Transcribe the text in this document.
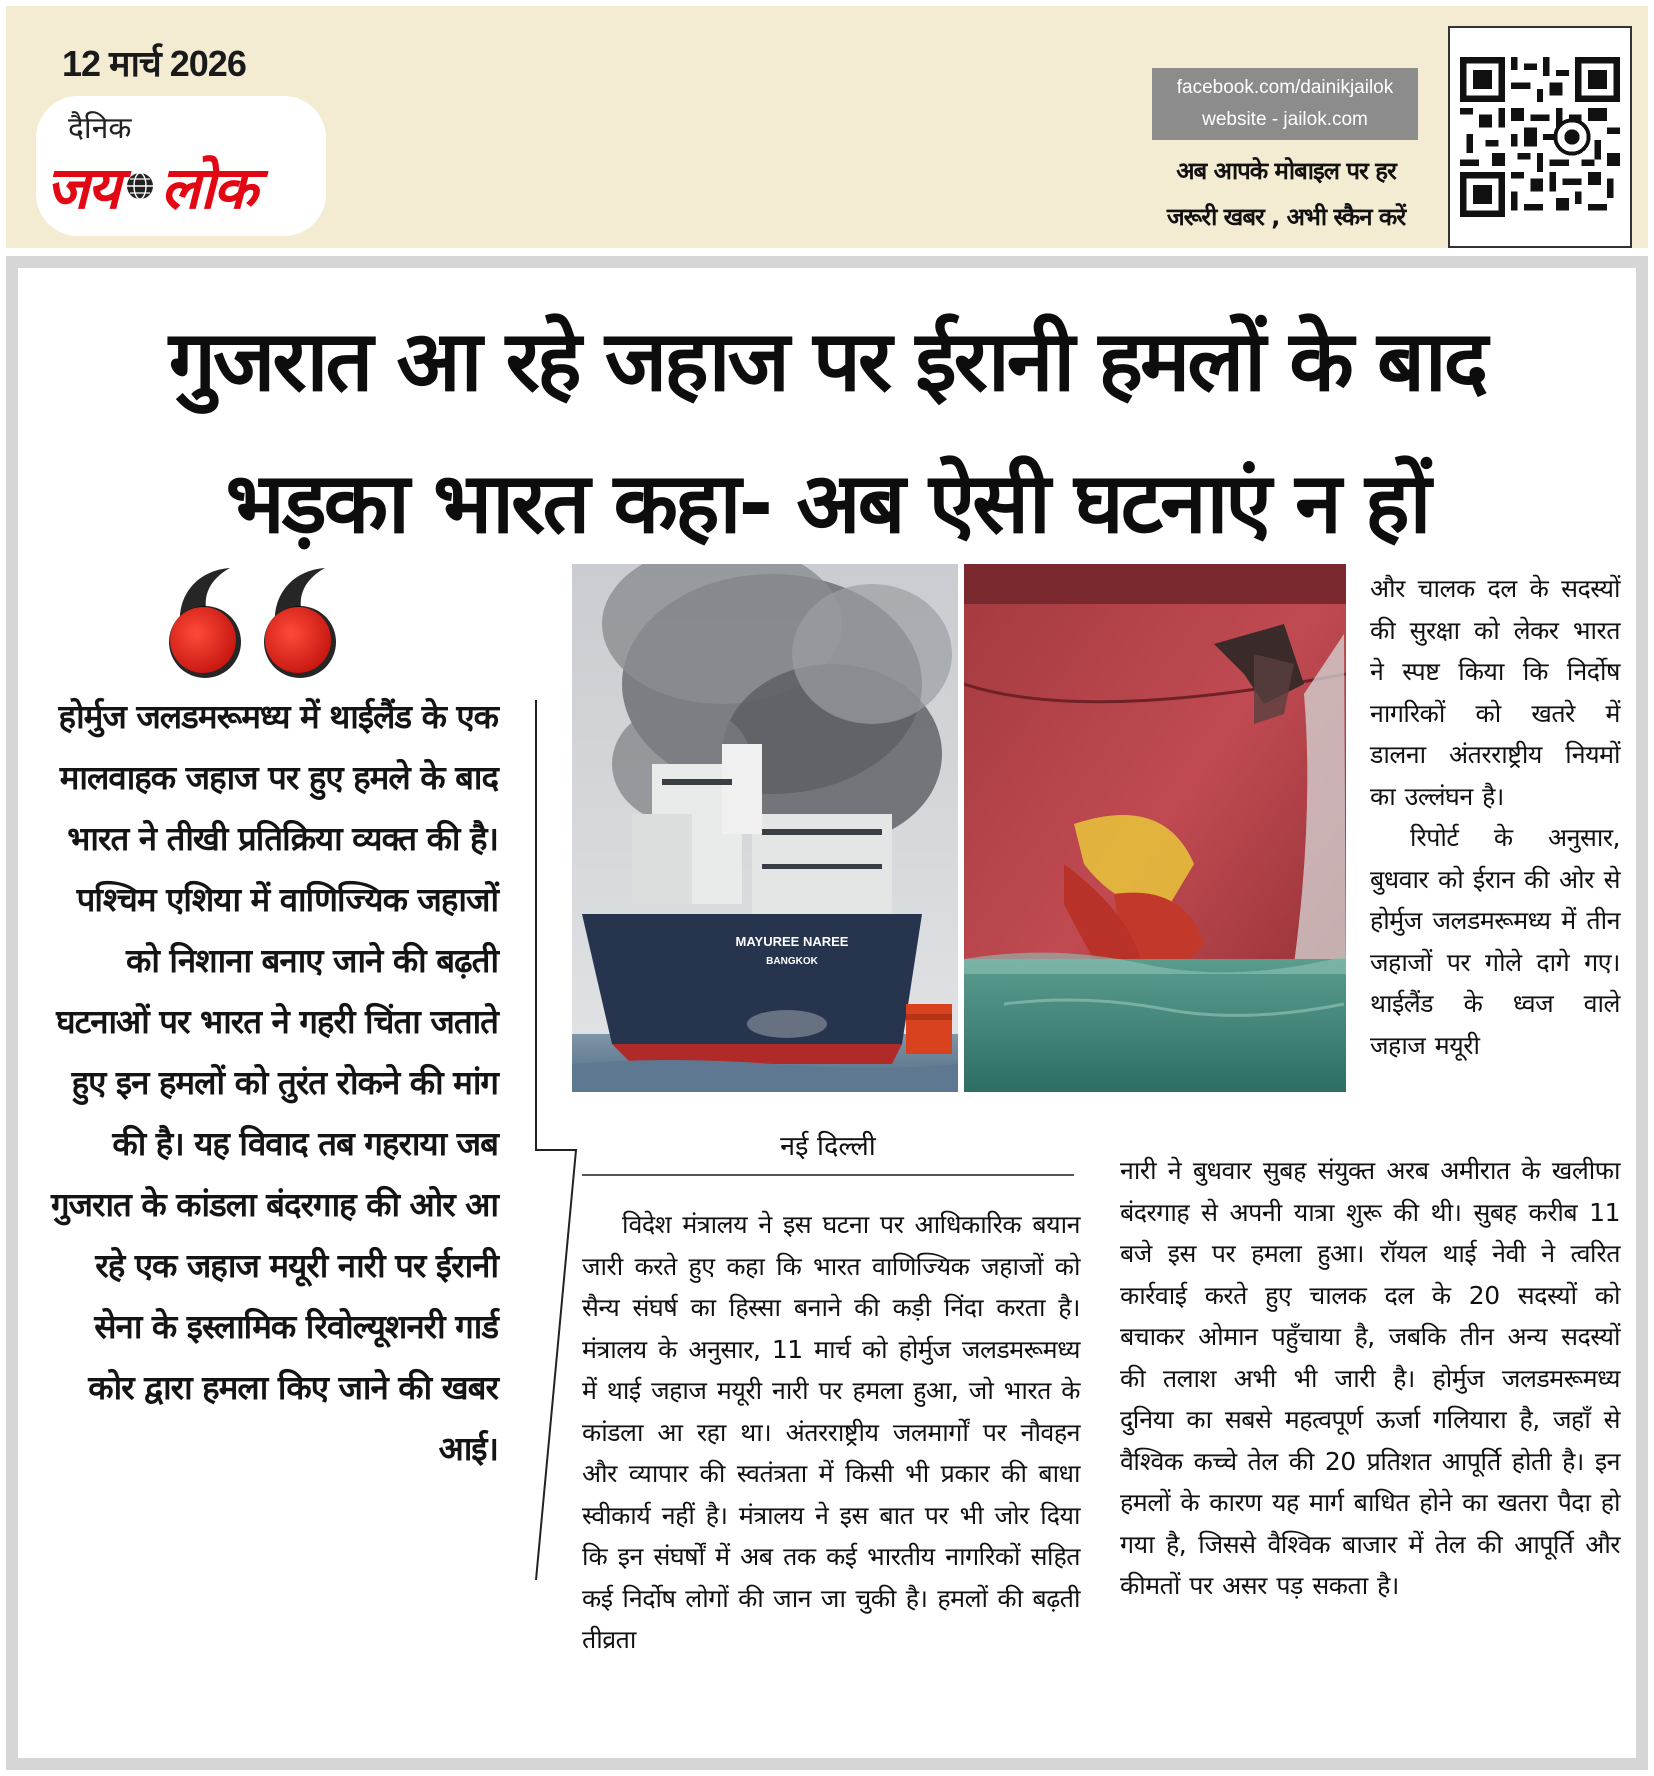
12 मार्च 2026
दैनिक
जय लोक
facebook.com/dainikjailok
website - jailok.com
अब आपके मोबाइल पर हर
जरूरी खबर , अभी स्कैन करें
गुजरात आ रहे जहाज पर ईरानी हमलों के बाद
भड़का भारत कहा- अब ऐसी घटनाएं न हों
होर्मुज जलडमरूमध्य में थाईलैंड के एक मालवाहक जहाज पर हुए हमले के बाद भारत ने तीखी प्रतिक्रिया व्यक्त की है। पश्चिम एशिया में वाणिज्यिक जहाजों को निशाना बनाए जाने की बढ़ती घटनाओं पर भारत ने गहरी चिंता जताते हुए इन हमलों को तुरंत रोकने की मांग की है। यह विवाद तब गहराया जब गुजरात के कांडला बंदरगाह की ओर आ रहे एक जहाज मयूरी नारी पर ईरानी सेना के इस्लामिक रिवोल्यूशनरी गार्ड कोर द्वारा हमला किए जाने की खबर आई।
MAYUREE NAREE
BANGKOK
नई दिल्ली

विदेश मंत्रालय ने इस घटना पर आधिकारिक बयान जारी करते हुए कहा कि भारत वाणिज्यिक जहाजों को सैन्य संघर्ष का हिस्सा बनाने की कड़ी निंदा करता है। मंत्रालय के अनुसार, 11 मार्च को होर्मुज जलडमरूमध्य में थाई जहाज मयूरी नारी पर हमला हुआ, जो भारत के कांडला आ रहा था। अंतरराष्ट्रीय जलमार्गों पर नौवहन और व्यापार की स्वतंत्रता में किसी भी प्रकार की बाधा स्वीकार्य नहीं है। मंत्रालय ने इस बात पर भी जोर दिया कि इन संघर्षों में अब तक कई भारतीय नागरिकों सहित कई निर्दोष लोगों की जान जा चुकी है। हमलों की बढ़ती तीव्रता

और चालक दल के सदस्यों की सुरक्षा को लेकर भारत ने स्पष्ट किया कि निर्दोष नागरिकों को खतरे में डालना अंतरराष्ट्रीय नियमों का उल्लंघन है।

रिपोर्ट के अनुसार, बुधवार को ईरान की ओर से होर्मुज जलडमरूमध्य में तीन जहाजों पर गोले दागे गए। थाईलैंड के ध्वज वाले जहाज मयूरी

नारी ने बुधवार सुबह संयुक्त अरब अमीरात के खलीफा बंदरगाह से अपनी यात्रा शुरू की थी। सुबह करीब 11 बजे इस पर हमला हुआ। रॉयल थाई नेवी ने त्वरित कार्रवाई करते हुए चालक दल के 20 सदस्यों को बचाकर ओमान पहुँचाया है, जबकि तीन अन्य सदस्यों की तलाश अभी भी जारी है। होर्मुज जलडमरूमध्य दुनिया का सबसे महत्वपूर्ण ऊर्जा गलियारा है, जहाँ से वैश्विक कच्चे तेल की 20 प्रतिशत आपूर्ति होती है। इन हमलों के कारण यह मार्ग बाधित होने का खतरा पैदा हो गया है, जिससे वैश्विक बाजार में तेल की आपूर्ति और कीमतों पर असर पड़ सकता है।
